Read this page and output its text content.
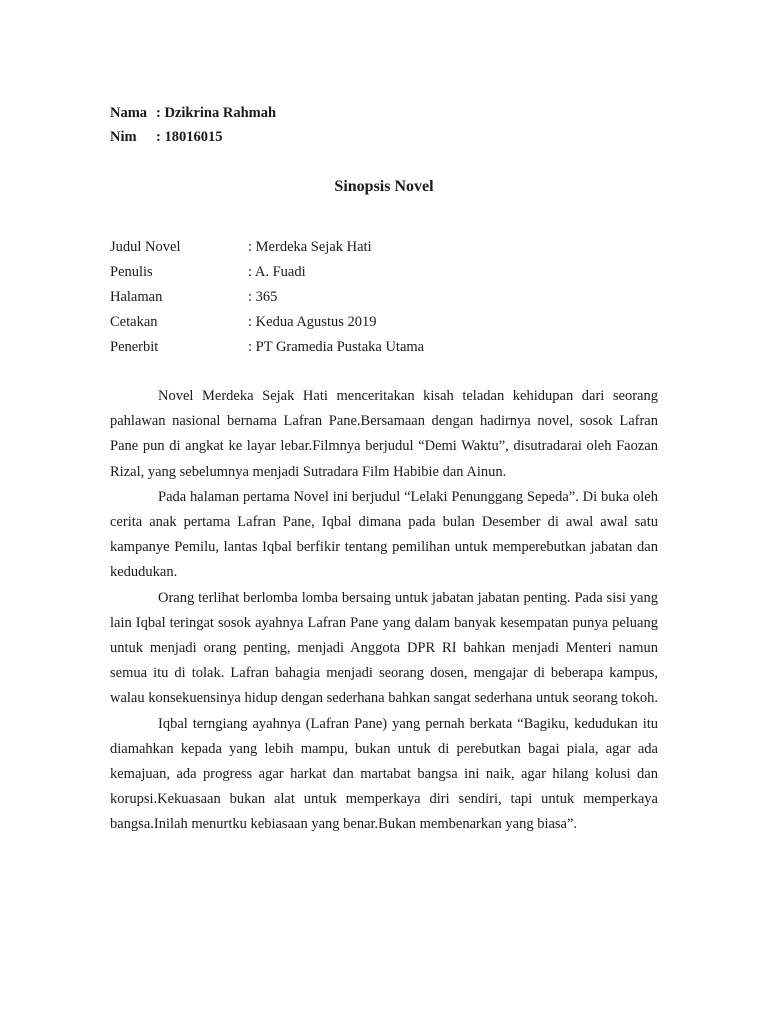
Nama : Dzikrina Rahmah
Nim	: 18016015
Sinopsis Novel
Judul Novel	: Merdeka Sejak Hati
Penulis	: A. Fuadi
Halaman	: 365
Cetakan	: Kedua Agustus 2019
Penerbit	: PT Gramedia Pustaka Utama

Novel Merdeka Sejak Hati menceritakan kisah teladan kehidupan dari seorang pahlawan nasional bernama Lafran Pane.Bersamaan dengan hadirnya novel, sosok Lafran Pane pun di angkat ke layar lebar.Filmnya berjudul “Demi Waktu”, disutradarai oleh Faozan Rizal, yang sebelumnya menjadi Sutradara Film Habibie dan Ainun.

Pada halaman pertama Novel ini berjudul “Lelaki Penunggang Sepeda”. Di buka oleh cerita anak pertama Lafran Pane, Iqbal dimana pada bulan Desember di awal awal satu kampanye Pemilu, lantas Iqbal berfikir tentang pemilihan untuk memperebutkan jabatan dan kedudukan.

Orang terlihat berlomba lomba bersaing untuk jabatan jabatan penting. Pada sisi yang lain Iqbal teringat sosok ayahnya Lafran Pane yang dalam banyak kesempatan punya peluang untuk menjadi orang penting, menjadi Anggota DPR RI bahkan menjadi Menteri namun semua itu di tolak. Lafran bahagia menjadi seorang dosen, mengajar di beberapa kampus, walau konsekuensinya hidup dengan sederhana bahkan sangat sederhana untuk seorang tokoh.

Iqbal terngiang ayahnya (Lafran Pane) yang pernah berkata “Bagiku, kedudukan itu diamahkan kepada yang lebih mampu, bukan untuk di perebutkan bagai piala, agar ada kemajuan, ada progress agar harkat dan martabat bangsa ini naik, agar hilang kolusi dan korupsi.Kekuasaan bukan alat untuk memperkaya diri sendiri, tapi untuk memperkaya bangsa.Inilah menurtku kebiasaan yang benar.Bukan membenarkan yang biasa”.
